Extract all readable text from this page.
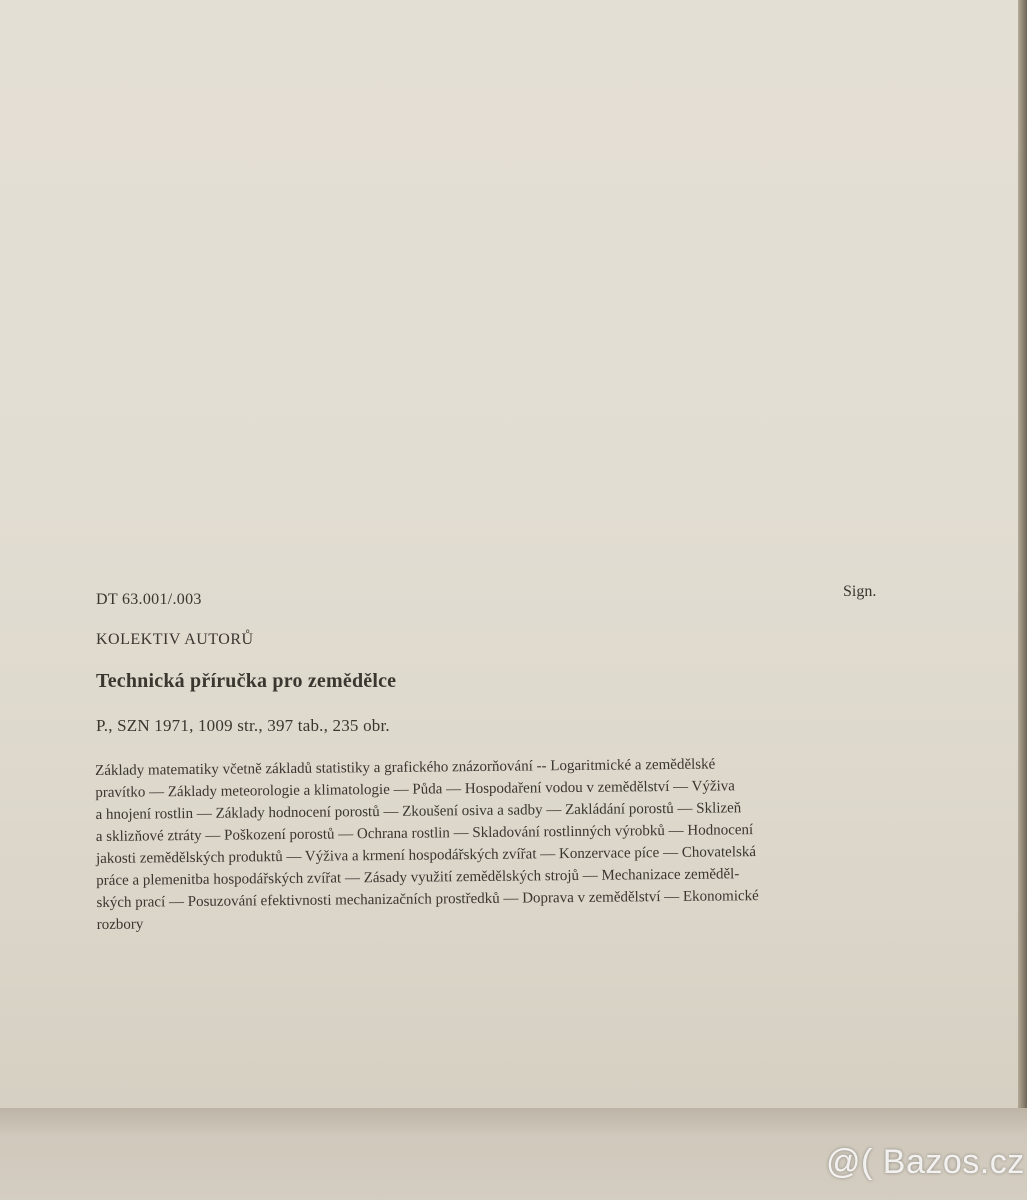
DT 63.001/.003	Sign.
KOLEKTIV AUTORŮ
Technická příručka pro zemědělce
P., SZN 1971, 1009 str., 397 tab., 235 obr.
Základy matematiky včetně základů statistiky a grafického znázorňování -- Logaritmické a zemědělské
pravítko — Základy meteorologie a klimatologie — Půda — Hospodaření vodou v zemědělství — Výživa
a hnojení rostlin — Základy hodnocení porostů — Zkoušení osiva a sadby — Zakládání porostů — Sklizeň
a sklizňové ztráty — Poškození porostů — Ochrana rostlin — Skladování rostlinných výrobků — Hodnocení
jakosti zemědělských produktů — Výživa a krmení hospodářských zvířat — Konzervace píce — Chovatelská
práce a plemenitba hospodářských zvířat — Zásady využití zemědělských strojů — Mechanizace zeměděl-
ských prací — Posuzování efektivnosti mechanizačních prostředků — Doprava v zemědělství — Ekonomické
rozbory
@( Bazos.cz
